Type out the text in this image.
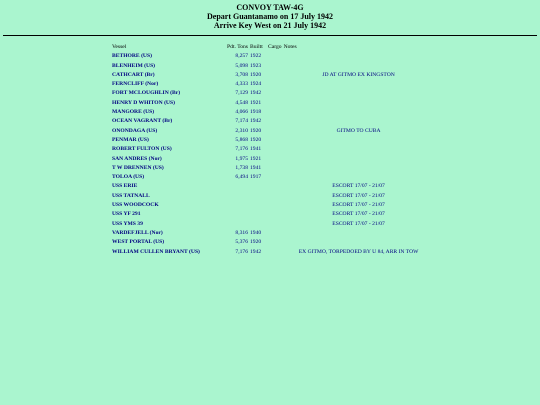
CONVOY TAW-4G
Depart Guantanamo on 17 July 1942
Arrive Key West on 21 July 1942
Vessel	Pdt. Tons	Builtt	Cargo	Notes
BETHORE (US)	8,257	1922		
BLENHEIM (US)	5,098	1923		
CATHCART (Br)	3,708	1920		JD AT GITMO EX KINGSTON
FERNCLIFF (Nor)	4,333	1924		
FORT MCLOUGHLIN (Br)	7,129	1942		
HENRY D WHITON (US)	4,548	1921		
MANGORE (US)	4,066	1918		
OCEAN VAGRANT (Br)	7,174	1942		
ONONDAGA (US)	2,310	1920		GITMO TO CUBA
PENMAR (US)	5,868	1920		
ROBERT FULTON (US)	7,176	1941		
SAN ANDRES (Nor)	1,975	1921		
T W DRENNEN (US)	1,738	1941		
TOLOA (US)	6,494	1917		
USS ERIE				ESCORT 17/07 - 21/07
USS TATNALL				ESCORT 17/07 - 21/07
USS WOODCOCK				ESCORT 17/07 - 21/07
USS YF 291				ESCORT 17/07 - 21/07
USS YMS 39				ESCORT 17/07 - 21/07
VARDEFJELL (Nor)	8,316	1940		
WEST PORTAL (US)	5,376	1920		
WILLIAM CULLEN BRYANT (US)	7,176	1942		EX GITMO, TORPEDOED BY U 84, ARR IN TOW
